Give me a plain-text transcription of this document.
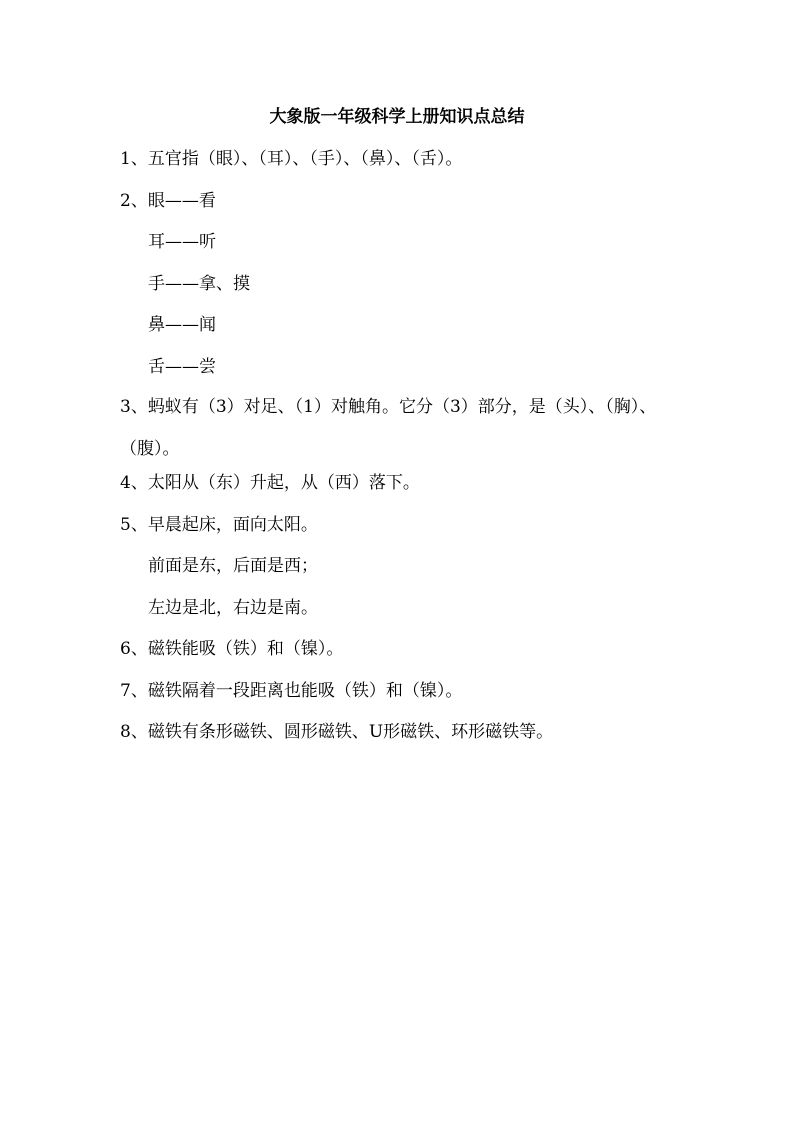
大象版一年级科学上册知识点总结
1、五官指（眼）、（耳）、（手）、（鼻）、（舌）。
2、眼——看
耳——听
手——拿、摸
鼻——闻
舌——尝
3、蚂蚁有（3）对足、（1）对触角。它分（3）部分，是（头）、（胸）、（腹）。
4、太阳从（东）升起，从（西）落下。
5、早晨起床，面向太阳。
前面是东，后面是西；
左边是北，右边是南。
6、磁铁能吸（铁）和（镍）。
7、磁铁隔着一段距离也能吸（铁）和（镍）。
8、磁铁有条形磁铁、圆形磁铁、U形磁铁、环形磁铁等。
